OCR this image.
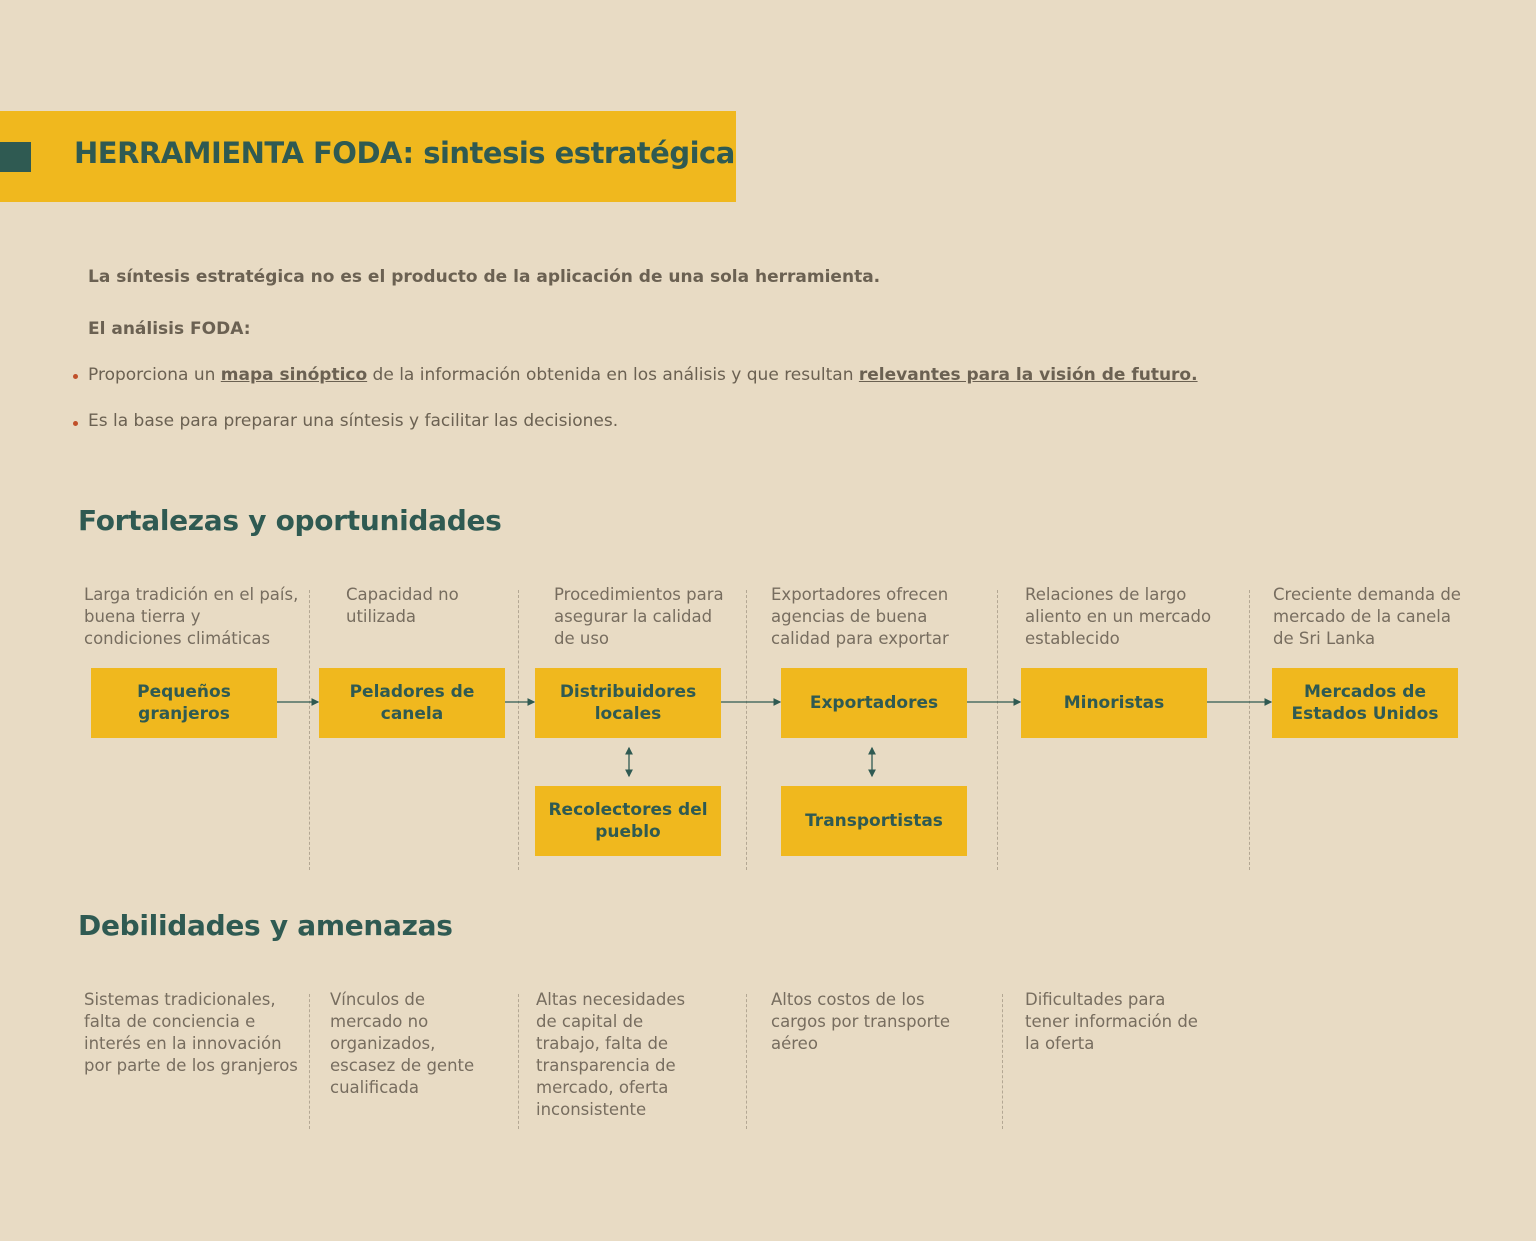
HERRAMIENTA FODA: sintesis estratégica
La síntesis estratégica no es el producto de la aplicación de una sola herramienta.
El análisis FODA:
Proporciona un mapa sinóptico de la información obtenida en los análisis y que resultan relevantes para la visión de futuro.
Es la base para preparar una síntesis y facilitar las decisiones.
Fortalezas y oportunidades
Larga tradición en el país, buena tierra y condiciones climáticas
Capacidad no utilizada
Procedimientos para asegurar la calidad de uso
Exportadores ofrecen agencias de buena calidad para exportar
Relaciones de largo aliento en un mercado establecido
Creciente demanda de mercado de la canela de Sri Lanka
Pequeños granjeros
Peladores de canela
Distribuidores locales
Exportadores	Minoristas
Mercados de Estados Unidos
Recolectores del pueblo
Transportistas
Debilidades y amenazas
Sistemas tradicionales, falta de conciencia e interés en la innovación por parte de los granjeros
Vínculos de mercado no organizados, escasez de gente cualificada
Altas necesidades de capital de trabajo, falta de transparencia de mercado, oferta inconsistente
Altos costos de los cargos por transporte aéreo
Dificultades para tener información de la oferta
